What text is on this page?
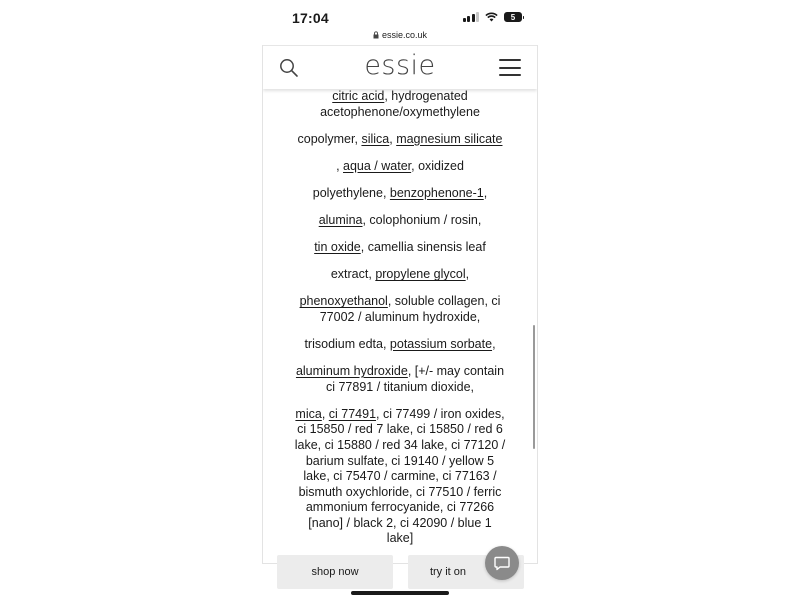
17:04	5
essie.co.uk
essie

citric acid, hydrogenated acetophenone/oxymethylene

copolymer, silica, magnesium silicate

, aqua / water, oxidized

polyethylene, benzophenone-1,

alumina, colophonium / rosin,

tin oxide, camellia sinensis leaf

extract, propylene glycol,

phenoxyethanol, soluble collagen, ci 77002 / aluminum hydroxide,

trisodium edta, potassium sorbate,

aluminum hydroxide, [+/- may contain ci 77891 / titanium dioxide,

mica, ci 77491, ci 77499 / iron oxides, ci 15850 / red 7 lake, ci 15850 / red 6 lake, ci 15880 / red 34 lake, ci 77120 / barium sulfate, ci 19140 / yellow 5 lake, ci 75470 / carmine, ci 77163 / bismuth oxychloride, ci 77510 / ferric ammonium ferrocyanide, ci 77266 [nano] / black 2, ci 42090 / blue 1 lake]

shop now	try it on
